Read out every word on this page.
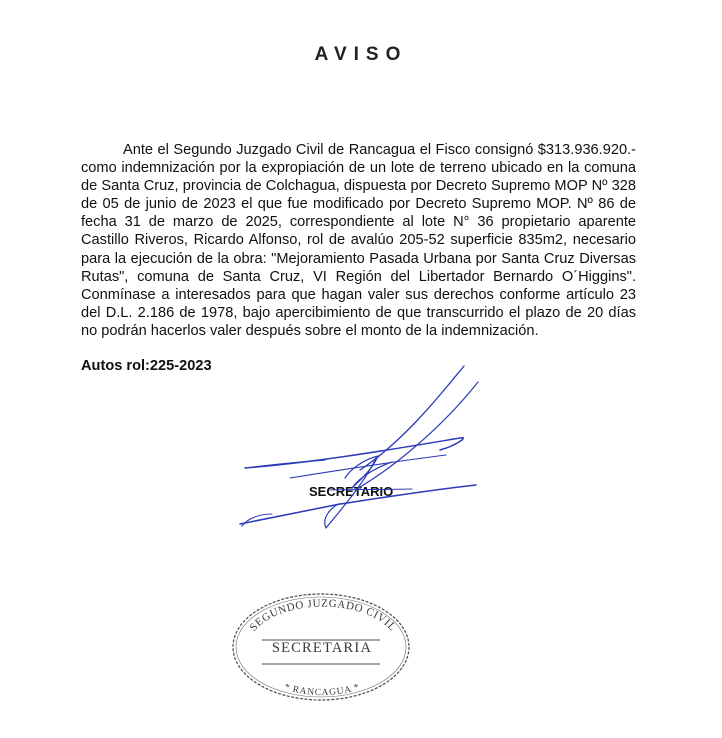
AVISO

Ante el Segundo Juzgado Civil de Rancagua el Fisco consignó $313.936.920.- como indemnización por la expropiación de un lote de terreno ubicado en la comuna de Santa Cruz, provincia de Colchagua, dispuesta por Decreto Supremo MOP Nº 328 de 05 de junio de 2023 el que fue modificado por Decreto Supremo MOP. Nº 86 de fecha 31 de marzo de 2025, correspondiente al lote N° 36 propietario aparente Castillo Riveros, Ricardo Alfonso, rol de avalúo 205-52 superficie 835m2, necesario para la ejecución de la obra: "Mejoramiento Pasada Urbana por Santa Cruz Diversas Rutas", comuna de Santa Cruz, VI Región del Libertador Bernardo O´Higgins". Conmínase a interesados para que hagan valer sus derechos conforme artículo 23 del D.L. 2.186 de 1978, bajo apercibimiento de que transcurrido el plazo de 20 días no podrán hacerlos valer después sobre el monto de la indemnización.

Autos rol:225-2023
SECRETARIO
SEGUNDO JUZGADO CIVIL
* RANCAGUA *
SECRETARIA
